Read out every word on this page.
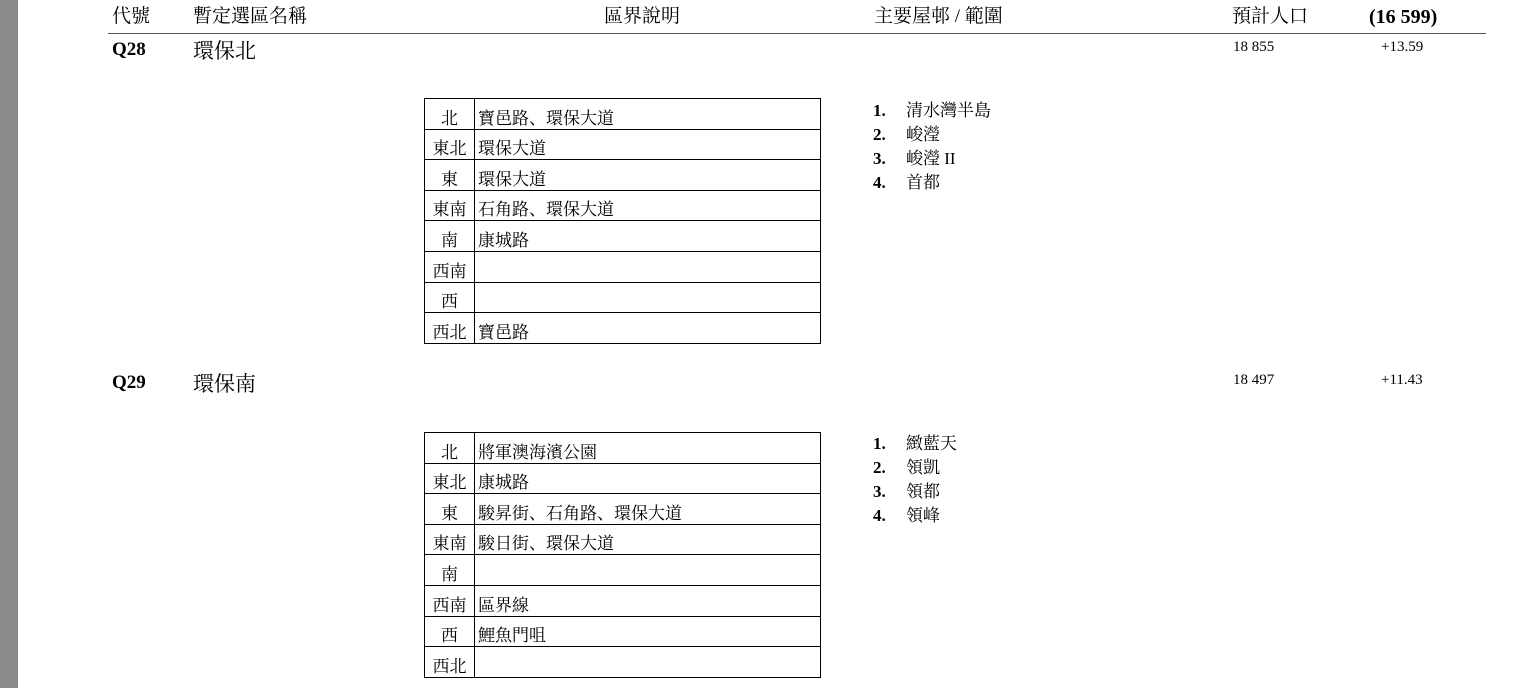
代號 暫定選區名稱	區界說明	主要屋邨 / 範圍	預計人口	(16 599)
Q28 環保北	18 855	+13.59
北	寶邑路、環保大道
東北	環保大道
東	環保大道
東南	石角路、環保大道
南	康城路
西南	
西	
西北	寶邑路
1. 清水灣半島
2. 峻瀅
3. 峻瀅 II
4. 首都
Q29 環保南	18 497	+11.43
北	將軍澳海濱公園
東北	康城路
東	駿昇街、石角路、環保大道
東南	駿日街、環保大道
南	
西南	區界線
西	鯉魚門咀
西北	
1. 緻藍天
2. 領凱
3. 領都
4. 領峰
